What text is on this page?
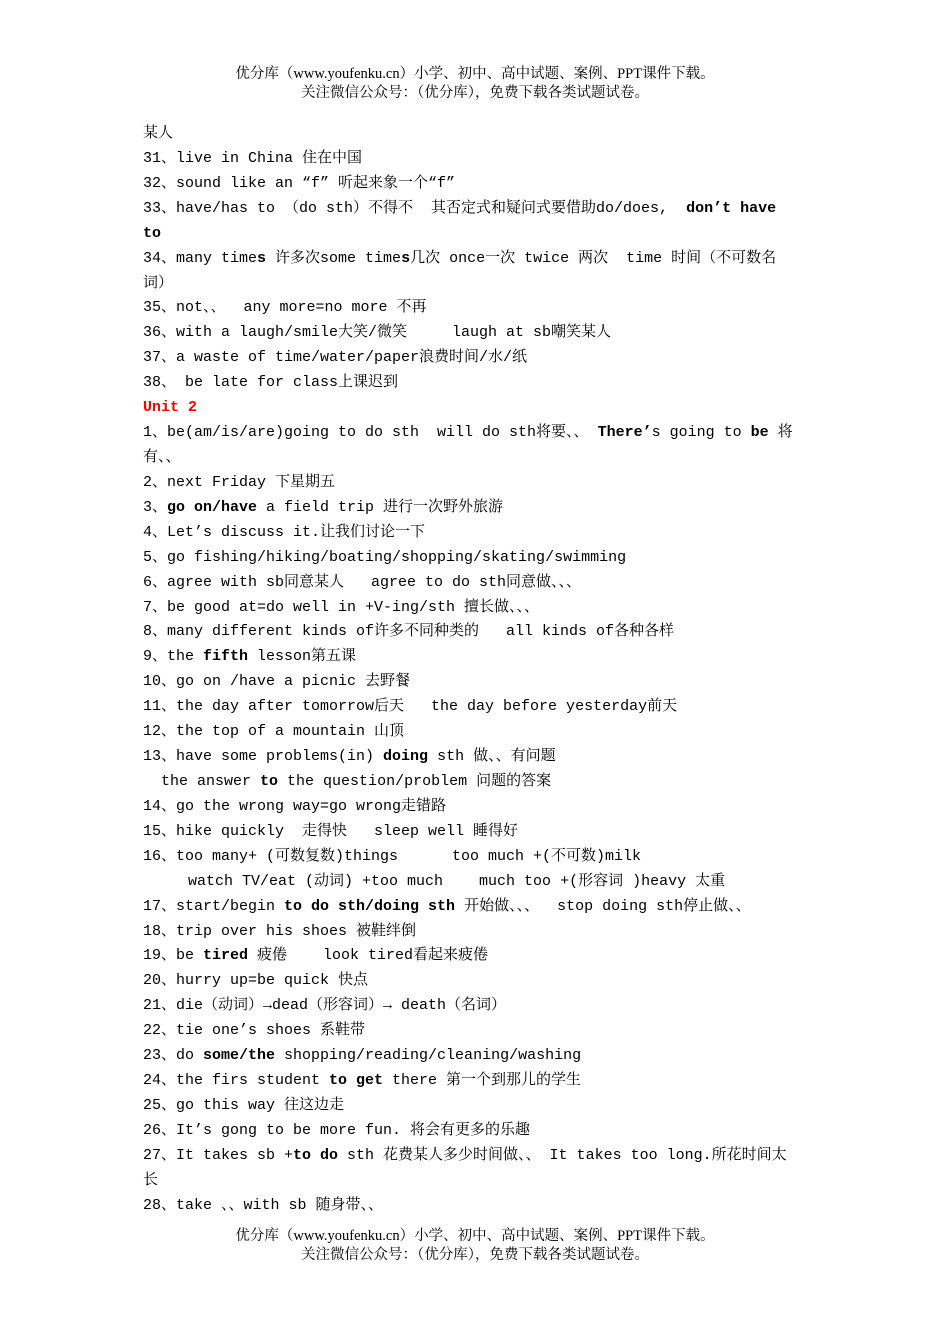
优分库（www.youfenku.cn）小学、初中、高中试题、案例、PPT课件下载。

关注微信公众号：（优分库），免费下载各类试题试卷。

某人
31、live in China 住在中国
32、sound like an “f” 听起来象一个“f”
33、have/has to （do sth）不得不  其否定式和疑问式要借助do/does,  don’t have
to
34、many times 许多次some times几次 once一次 twice 两次  time 时间（不可数名
词）
35、not、、  any more=no more 不再
36、with a laugh/smile大笑/微笑     laugh at sb嘲笑某人
37、a waste of time/water/paper浪费时间/水/纸
38、 be late for class上课迟到
Unit 2
1、be(am/is/are)going to do sth  will do sth将要、、 There’s going to be 将
有、、
2、next Friday 下星期五
3、go on/have a field trip 进行一次野外旅游
4、Let’s discuss it.让我们讨论一下
5、go fishing/hiking/boating/shopping/skating/swimming
6、agree with sb同意某人   agree to do sth同意做、、、
7、be good at=do well in +V-ing/sth 擅长做、、、
8、many different kinds of许多不同种类的   all kinds of各种各样
9、the fifth lesson第五课
10、go on /have a picnic 去野餐
11、the day after tomorrow后天   the day before yesterday前天
12、the top of a mountain 山顶
13、have some problems(in) doing sth 做、、有问题
the answer to the question/problem 问题的答案
14、go the wrong way=go wrong走错路
15、hike quickly  走得快   sleep well 睡得好
16、too many+ (可数复数)things      too much +(不可数)milk
watch TV/eat (动词) +too much    much too +(形容词 )heavy 太重
17、start/begin to do sth/doing sth 开始做、、、  stop doing sth停止做、、
18、trip over his shoes 被鞋绊倒
19、be tired 疲倦    look tired看起来疲倦
20、hurry up=be quick 快点
21、die（动词）→dead（形容词）→ death（名词）
22、tie one’s shoes 系鞋带
23、do some/the shopping/reading/cleaning/washing
24、the firs student to get there 第一个到那儿的学生
25、go this way 往这边走
26、It’s gong to be more fun. 将会有更多的乐趣
27、It takes sb +to do sth 花费某人多少时间做、、 It takes too long.所花时间太
长
28、take 、、with sb 随身带、、

优分库（www.youfenku.cn）小学、初中、高中试题、案例、PPT课件下载。

关注微信公众号：（优分库），免费下载各类试题试卷。
